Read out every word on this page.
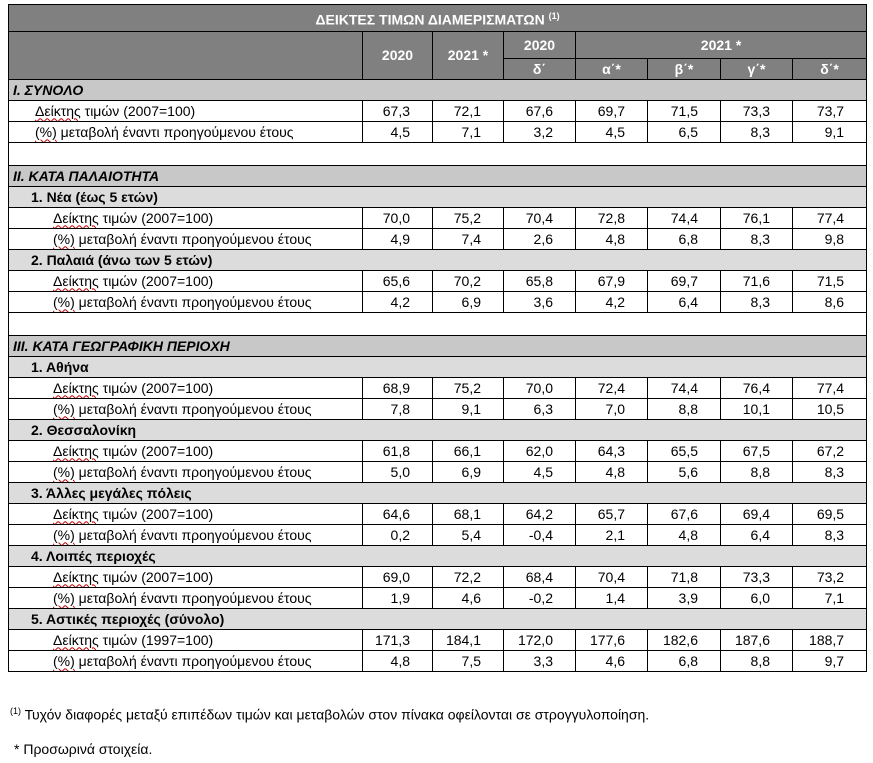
ΔΕΙΚΤΕΣ ΤΙΜΩΝ ΔΙΑΜΕΡΙΣΜΑΤΩΝ $^{(1)}$
	2020	2021 *	2020	2021 *			
			δ΄	α΄*	β΄*	γ΄*	δ΄*
I. ΣΥΝΟΛΟ							
Δείκτης τιμών (2007=100)	67,3	72,1	67,6	69,7	71,5	73,3	73,7
(%) μεταβολή έναντι προηγούμενου έτους	4,5	7,1	3,2	4,5	6,5	8,3	9,1

II. ΚΑΤΑ ΠΑΛΑΙΟΤΗΤΑ							
1. Νέα (έως 5 ετών)							
Δείκτης τιμών (2007=100)	70,0	75,2	70,4	72,8	74,4	76,1	77,4
(%) μεταβολή έναντι προηγούμενου έτους	4,9	7,4	2,6	4,8	6,8	8,3	9,8
2. Παλαιά (άνω των 5 ετών)							
Δείκτης τιμών (2007=100)	65,6	70,2	65,8	67,9	69,7	71,6	71,5
(%) μεταβολή έναντι προηγούμενου έτους	4,2	6,9	3,6	4,2	6,4	8,3	8,6

III. ΚΑΤΑ ΓΕΩΓΡΑΦΙΚΗ ΠΕΡΙΟΧΗ							
1. Αθήνα							
Δείκτης τιμών (2007=100)	68,9	75,2	70,0	72,4	74,4	76,4	77,4
(%) μεταβολή έναντι προηγούμενου έτους	7,8	9,1	6,3	7,0	8,8	10,1	10,5
2. Θεσσαλονίκη							
Δείκτης τιμών (2007=100)	61,8	66,1	62,0	64,3	65,5	67,5	67,2
(%) μεταβολή έναντι προηγούμενου έτους	5,0	6,9	4,5	4,8	5,6	8,8	8,3
3. Άλλες μεγάλες πόλεις							
Δείκτης τιμών (2007=100)	64,6	68,1	64,2	65,7	67,6	69,4	69,5
(%) μεταβολή έναντι προηγούμενου έτους	0,2	5,4	-0,4	2,1	4,8	6,4	8,3
4. Λοιπές περιοχές							
Δείκτης τιμών (2007=100)	69,0	72,2	68,4	70,4	71,8	73,3	73,2
(%) μεταβολή έναντι προηγούμενου έτους	1,9	4,6	-0,2	1,4	3,9	6,0	7,1
5. Αστικές περιοχές (σύνολο)							
Δείκτης τιμών (1997=100)	171,3	184,1	172,0	177,6	182,6	187,6	188,7
(%) μεταβολή έναντι προηγούμενου έτους	4,8	7,5	3,3	4,6	6,8	8,8	9,7
$^{(1)}$ Τυχόν διαφορές μεταξύ επιπέδων τιμών και μεταβολών στον πίνακα οφείλονται σε στρογγυλοποίηση.
* Προσωρινά στοιχεία.
